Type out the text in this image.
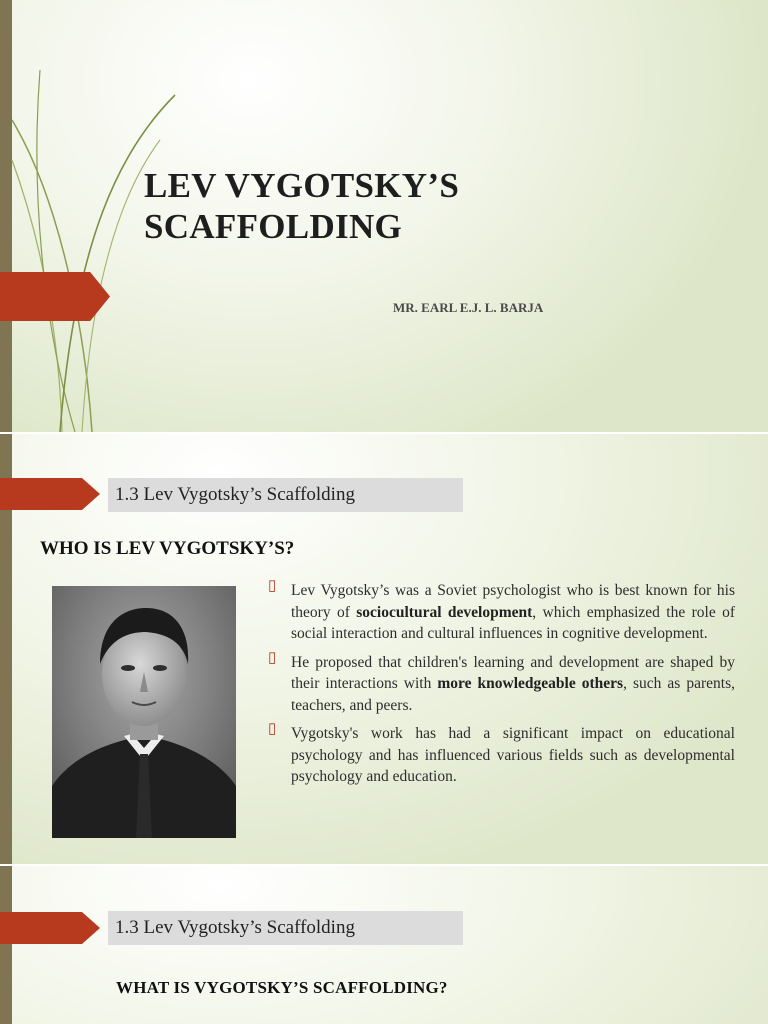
LEV VYGOTSKY’S
SCAFFOLDING
MR. EARL E.J. L. BARJA
1.3 Lev Vygotsky’s Scaffolding
WHO IS LEV VYGOTSKY’S?
▯ Lev Vygotsky’s was a Soviet psychologist who is best known for his theory of sociocultural development, which emphasized the role of social interaction and cultural influences in cognitive development.
▯ He proposed that children's learning and development are shaped by their interactions with more knowledgeable others, such as parents, teachers, and peers.
▯ Vygotsky's work has had a significant impact on educational psychology and has influenced various fields such as developmental psychology and education.
1.3 Lev Vygotsky’s Scaffolding
WHAT IS VYGOTSKY’S SCAFFOLDING?
